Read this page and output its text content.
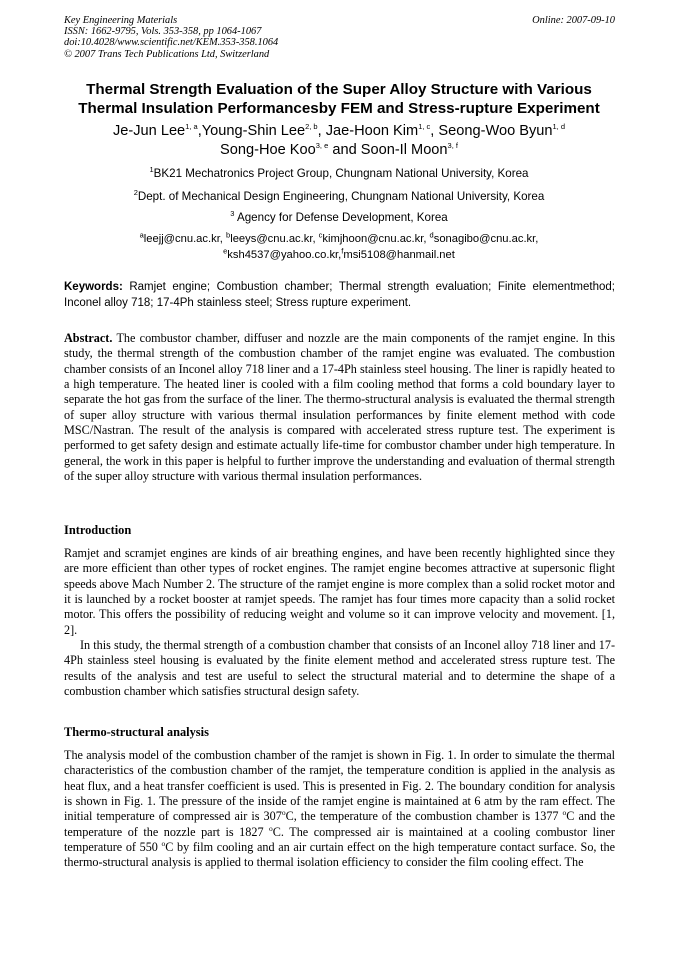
Key Engineering Materials
ISSN: 1662-9795, Vols. 353-358, pp 1064-1067
doi:10.4028/www.scientific.net/KEM.353-358.1064
© 2007 Trans Tech Publications Ltd, Switzerland
Online: 2007-09-10
Thermal Strength Evaluation of the Super Alloy Structure with Various
Thermal Insulation Performancesby FEM and Stress-rupture Experiment
Je-Jun Lee$^{1, a}$,Young-Shin Lee$^{2, b}$, Jae-Hoon Kim$^{1, c}$, Seong-Woo Byun$^{1, d}$
Song-Hoe Koo$^{3, e}$ and Soon-Il Moon$^{3, f}$
$^1$BK21 Mechatronics Project Group, Chungnam National University, Korea
$^2$Dept. of Mechanical Design Engineering, Chungnam National University, Korea
$^3$ Agency for Defense Development, Korea
$^a$leejj@cnu.ac.kr, $^b$leeys@cnu.ac.kr, $^c$kimjhoon@cnu.ac.kr, $^d$sonagibo@cnu.ac.kr,
$^e$ksh4537@yahoo.co.kr,$^f$msi5108@hanmail.net
Keywords: Ramjet engine; Combustion chamber; Thermal strength evaluation; Finite elementmethod; Inconel alloy 718; 17-4Ph stainless steel; Stress rupture experiment.
Abstract. The combustor chamber, diffuser and nozzle are the main components of the ramjet engine. In this study, the thermal strength of the combustion chamber of the ramjet engine was evaluated. The combustion chamber consists of an Inconel alloy 718 liner and a 17-4Ph stainless steel housing. The liner is rapidly heated to a high temperature. The heated liner is cooled with a film cooling method that forms a cold boundary layer to separate the hot gas from the surface of the liner. The thermo-structural analysis is evaluated the thermal strength of super alloy structure with various thermal insulation performances by finite element method with code MSC/Nastran. The result of the analysis is compared with accelerated stress rupture test. The experiment is performed to get safety design and estimate actually life-time for combustor chamber under high temperature. In general, the work in this paper is helpful to further improve the understanding and evaluation of thermal strength of the super alloy structure with various thermal insulation performances.
Introduction
Ramjet and scramjet engines are kinds of air breathing engines, and have been recently highlighted since they are more efficient than other types of rocket engines. The ramjet engine becomes attractive at supersonic flight speeds above Mach Number 2. The structure of the ramjet engine is more complex than a solid rocket motor and it is launched by a rocket booster at ramjet speeds. The ramjet has four times more capacity than a solid rocket motor. This offers the possibility of reducing weight and volume so it can improve velocity and movement. [1, 2].
In this study, the thermal strength of a combustion chamber that consists of an Inconel alloy 718 liner and 17-4Ph stainless steel housing is evaluated by the finite element method and accelerated stress rupture test. The results of the analysis and test are useful to select the structural material and to determine the shape of a combustion chamber which satisfies structural design safety.
Thermo-structural analysis
The analysis model of the combustion chamber of the ramjet is shown in Fig. 1. In order to simulate the thermal characteristics of the combustion chamber of the ramjet, the temperature condition is applied in the analysis as heat flux, and a heat transfer coefficient is used. This is presented in Fig. 2. The boundary condition for analysis is shown in Fig. 1. The pressure of the inside of the ramjet engine is maintained at 6 atm by the ram effect. The initial temperature of compressed air is 307$^o$C, the temperature of the combustion chamber is 1377 $^o$C and the temperature of the nozzle part is 1827 $^o$C. The compressed air is maintained at a cooling combustor liner temperature of 550 $^o$C by film cooling and an air curtain effect on the high temperature contact surface. So, the thermo-structural analysis is applied to thermal isolation efficiency to consider the film cooling effect. The
